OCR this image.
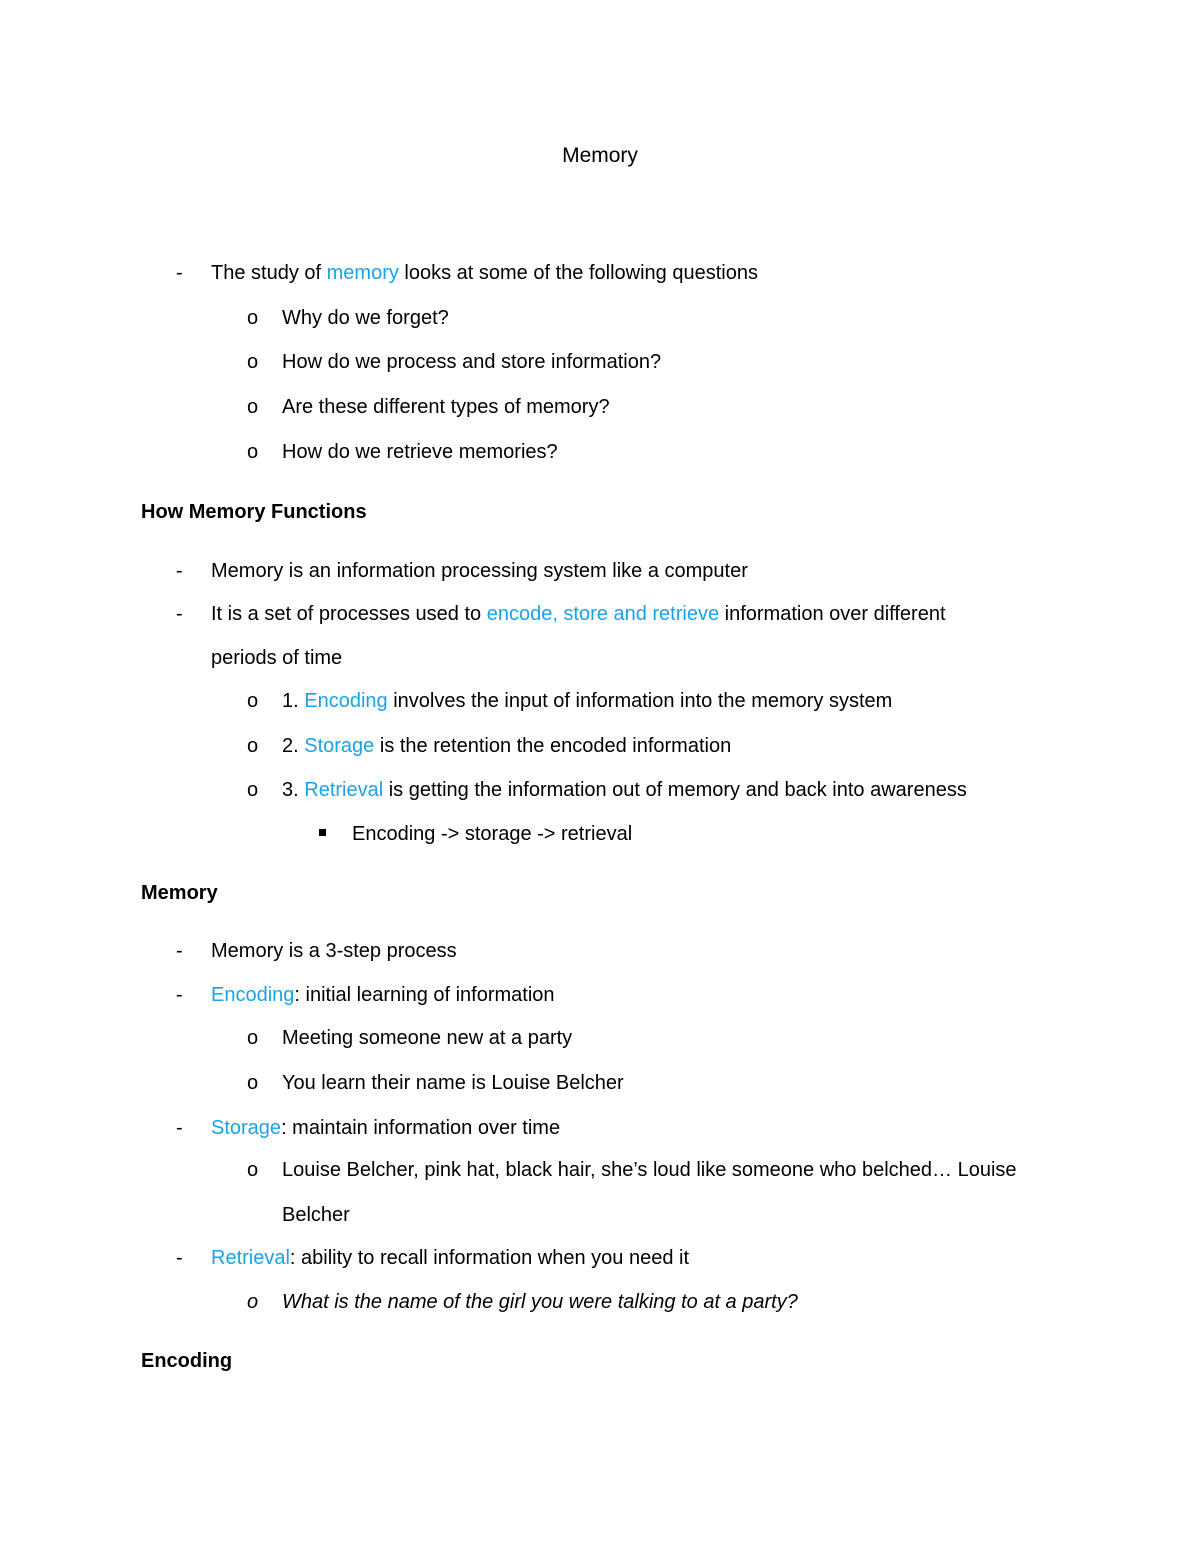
Memory
- The study of memory looks at some of the following questions
o Why do we forget?
o How do we process and store information?
o Are these different types of memory?
o How do we retrieve memories?
How Memory Functions
- Memory is an information processing system like a computer
- It is a set of processes used to encode, store and retrieve information over different
periods of time
o 1. Encoding involves the input of information into the memory system
o 2. Storage is the retention the encoded information
o 3. Retrieval is getting the information out of memory and back into awareness
Encoding -> storage -> retrieval
Memory
- Memory is a 3-step process
- Encoding: initial learning of information
o Meeting someone new at a party
o You learn their name is Louise Belcher
- Storage: maintain information over time
o Louise Belcher, pink hat, black hair, she’s loud like someone who belched… Louise
Belcher
- Retrieval: ability to recall information when you need it
o What is the name of the girl you were talking to at a party?
Encoding
